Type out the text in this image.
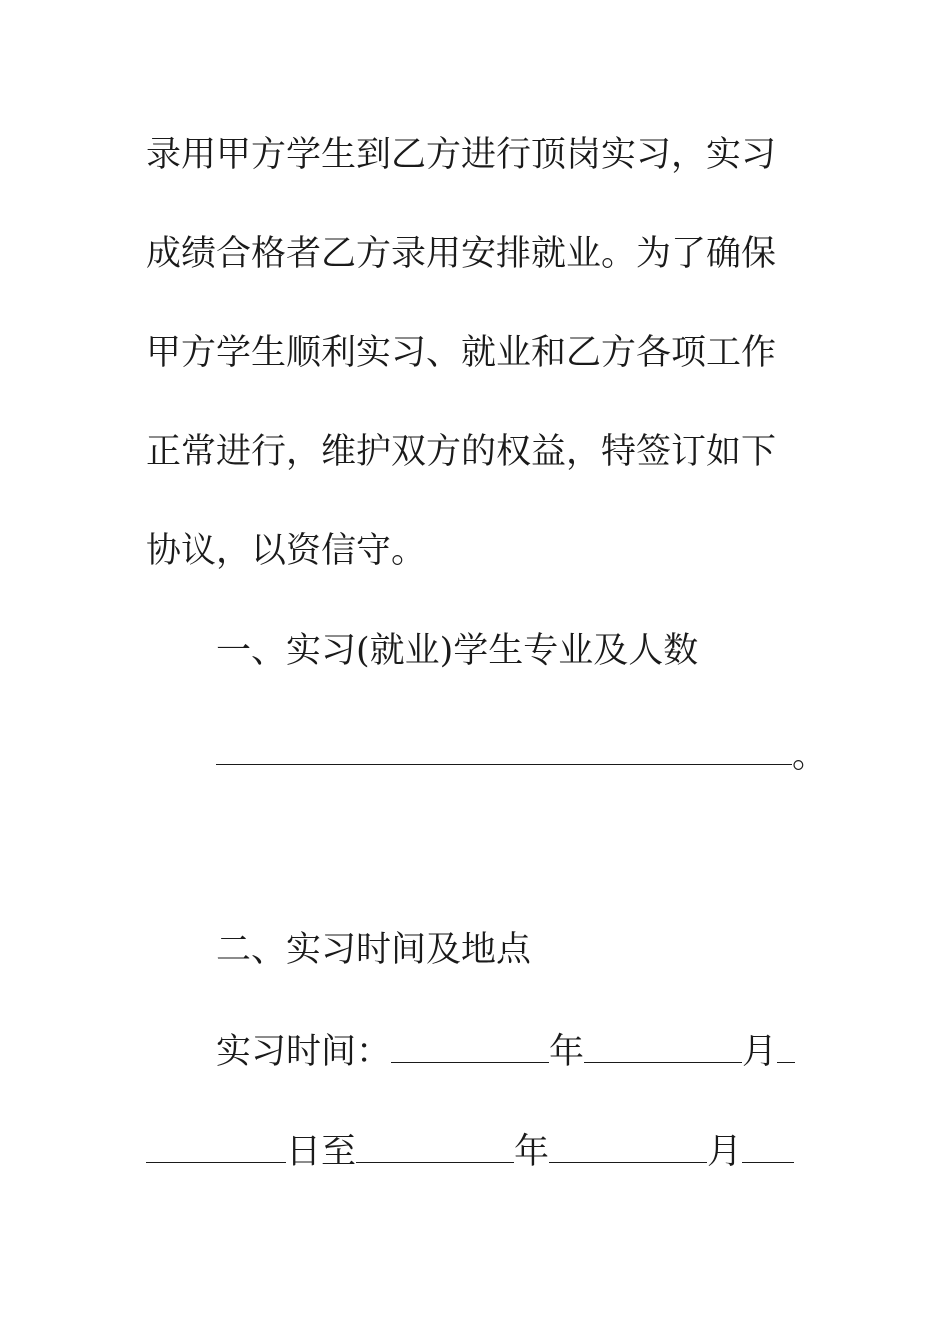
录用甲方学生到乙方进行顶岗实习，实习
成绩合格者乙方录用安排就业。为了确保
甲方学生顺利实习、就业和乙方各项工作
正常进行，维护双方的权益，特签订如下
协议，以资信守。
一、实习(就业)学生专业及人数
。
二、实习时间及地点
实习时间：	年	月
日至	年	月
